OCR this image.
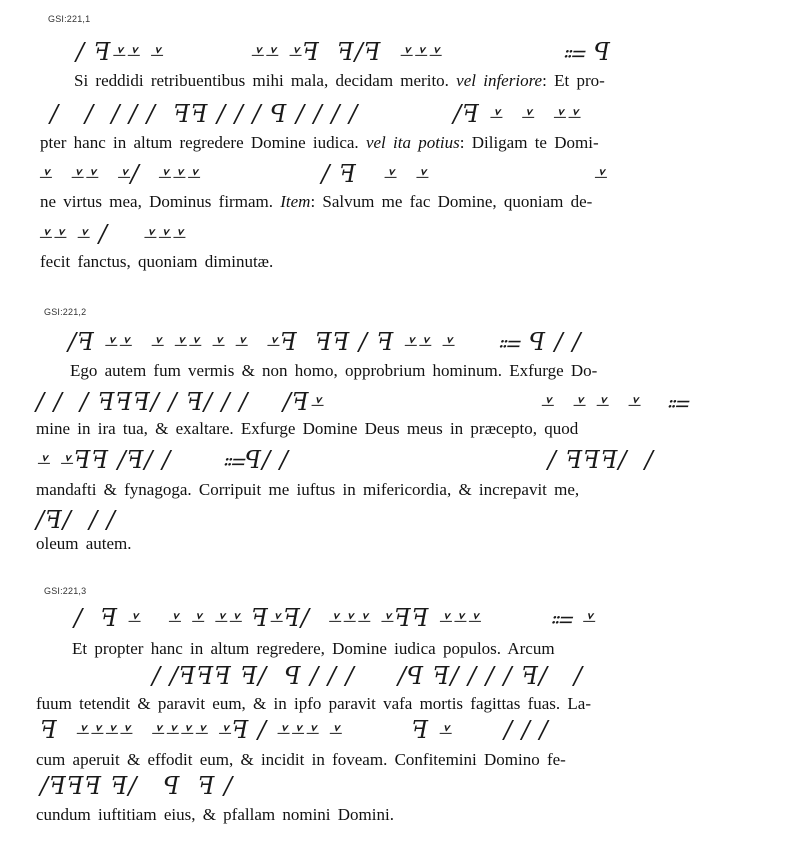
GSI:221,1
/ ꟻ⩡⩡ ⩡          ⩡⩡ ⩡ꟻ  ꟻ/ꟻ  ⩡⩡⩡              ⩴ ꟼ
Si reddidi retribuentibus mihi mala, decidam merito. vel inferiore: Et pro-
/   /  / / /  ꟻꟻ / / / ꟼ / / / /           /ꟻ ⩡  ⩡  ⩡⩡
pter hanc in altum regredere Domine iudica. vel ita potius: Diligam te Domi-
⩡  ⩡⩡  ⩡/  ⩡⩡⩡              / ꟻ   ⩡  ⩡                   ⩡
ne virtus mea, Dominus firmam. Item: Salvum me fac Domine, quoniam de-
⩡⩡ ⩡ /    ⩡⩡⩡
fecit fanctus, quoniam diminutæ.
GSI:221,2
/ꟻ ⩡⩡  ⩡ ⩡⩡ ⩡ ⩡  ⩡ꟻ  ꟻꟻ / ꟻ ⩡⩡ ⩡     ⩴ ꟼ / /
Ego autem fum vermis & non homo, opprobrium hominum. Exfurge Do-
/ /  / ꟻꟻꟻ/ / ꟻ/ / /    /ꟻ⩡                         ⩡  ⩡ ⩡  ⩡   ⩴
mine in ira tua, & exaltare. Exfurge Domine Deus meus in præcepto, quod
⩡ ⩡ꟻꟻ /ꟻ/ /      ⩴ꟼ/ /                              / ꟻꟻꟻ/  /
mandafti & fynagoga. Corripuit me iuftus in mifericordia, & increpavit me,
/ꟻ/  / /
oleum autem.
GSI:221,3
/  ꟻ ⩡   ⩡ ⩡ ⩡⩡ ꟻ⩡ꟻ/  ⩡⩡⩡ ⩡ꟻꟻ ⩡⩡⩡        ⩴ ⩡
Et propter hanc in altum regredere, Domine iudica populos. Arcum
/ /ꟻꟻꟻ ꟻ/  ꟼ / / /     /ꟼ ꟻ/ / / / ꟻ/   /
fuum tetendit & paravit eum, & in ipfo paravit vafa mortis fagittas fuas. La-
ꟻ  ⩡⩡⩡⩡  ⩡⩡⩡⩡ ⩡ꟻ / ⩡⩡⩡ ⩡        ꟻ ⩡      / / /
cum aperuit & effodit eum, & incidit in foveam. Confitemini Domino fe-
/ꟻꟻꟻ ꟻ/   ꟼ  ꟻ /
cundum iuftitiam eius, & pfallam nomini Domini.
